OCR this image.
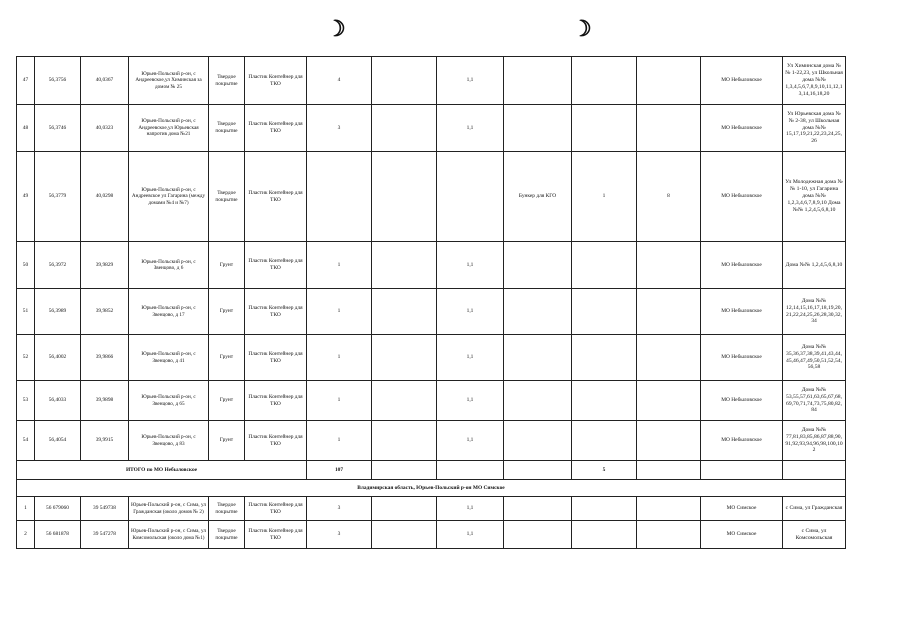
☽	☽
47	56,3756	40,0367	Юрьев-Польский р-он, с Андреевское,ул Химинская за домом № 25	Твердое покрытие	Пластик Контейнер для ТКО	4		1,1				МО Небыловское	Ул Химинская дома №№ 1-22,23, ул Школьная дома №№ 1,3,4,5,6,7,8,9,10,11,12,13,14,16,18,20
48	56,3746	40,0323	Юрьев-Польский р-он, с Андреевское,ул Юрьевская напротив дома №21	Твердое покрытие	Пластик Контейнер для ТКО	3		1,1				МО Небыловское	Ул Юрьевская дома №№ 2-38, ул Школьная дома №№ 15,17,19,21,22,23,24,25,26
49	56,3779	40,0298	Юрьев-Польский р-он, с Андреевское ул Гагарина (между домами №4 и №7)	Твердое покрытие	Пластик Контейнер для ТКО				Бункер для КГО	1	8	МО Небыловское	Ул Молодежная дома №№ 1-10, ул Гагарина дома №№ 1,2,3,4,6,7,8,9,10 Дома №№ 1,2,4,5,6,8,10
50	56,3972	39,9829	Юрьев-Польский р-он, с Звенцово, д 6	Грунт	Пластик Контейнер для ТКО	1		1,1				МО Небыловское	Дома №№ 1,2,4,5,6,8,10
51	56,3989	39,9852	Юрьев-Польский р-он, с Звенцово, д 17	Грунт	Пластик Контейнер для ТКО	1		1,1				МО Небыловское	Дома №№ 12,14,15,16,17,18,19,20,21,22,24,25,26,28,30,32,34
52	56,4002	39,9866	Юрьев-Польский р-он, с Звенцово, д 41	Грунт	Пластик Контейнер для ТКО	1		1,1				МО Небыловское	Дома №№ 35,36,37,38,39,41,43,44,45,46,47,49,50,51,52,54,56,58
53	56,4033	39,9898	Юрьев-Польский р-он, с Звенцово, д 65	Грунт	Пластик Контейнер для ТКО	1		1,1				МО Небыловское	Дома №№ 53,55,57,61,63,65,67,68,69,70,71,74,73,75,80,82,84
54	56,4054	39,9915	Юрьев-Польский р-он, с Звенцово, д 83	Грунт	Пластик Контейнер для ТКО	1		1,1				МО Небыловское	Дома №№ 77,81,83,85,86,87,88,90,91,92,93,94,96,98,100,102
ИТОГО по МО Небыловское						107				5			
Владимирская область, Юрьев-Польский р-он МО Симское													
1	56 679060	39 549738	Юрьев-Польский р-он, с Сима, ул Гражданская (около домов № 2)	Твердое покрытие	Пластик Контейнер для ТКО	3		1,1				МО Симское	с Сима, ул Гражданская
2	56 681878	39 547278	Юрьев-Польский р-он, с Сима, ул Комсомольская (около дома №1)	Твердое покрытие	Пластик Контейнер для ТКО	3		1,1				МО Симское	с Сима, ул Комсомольская
